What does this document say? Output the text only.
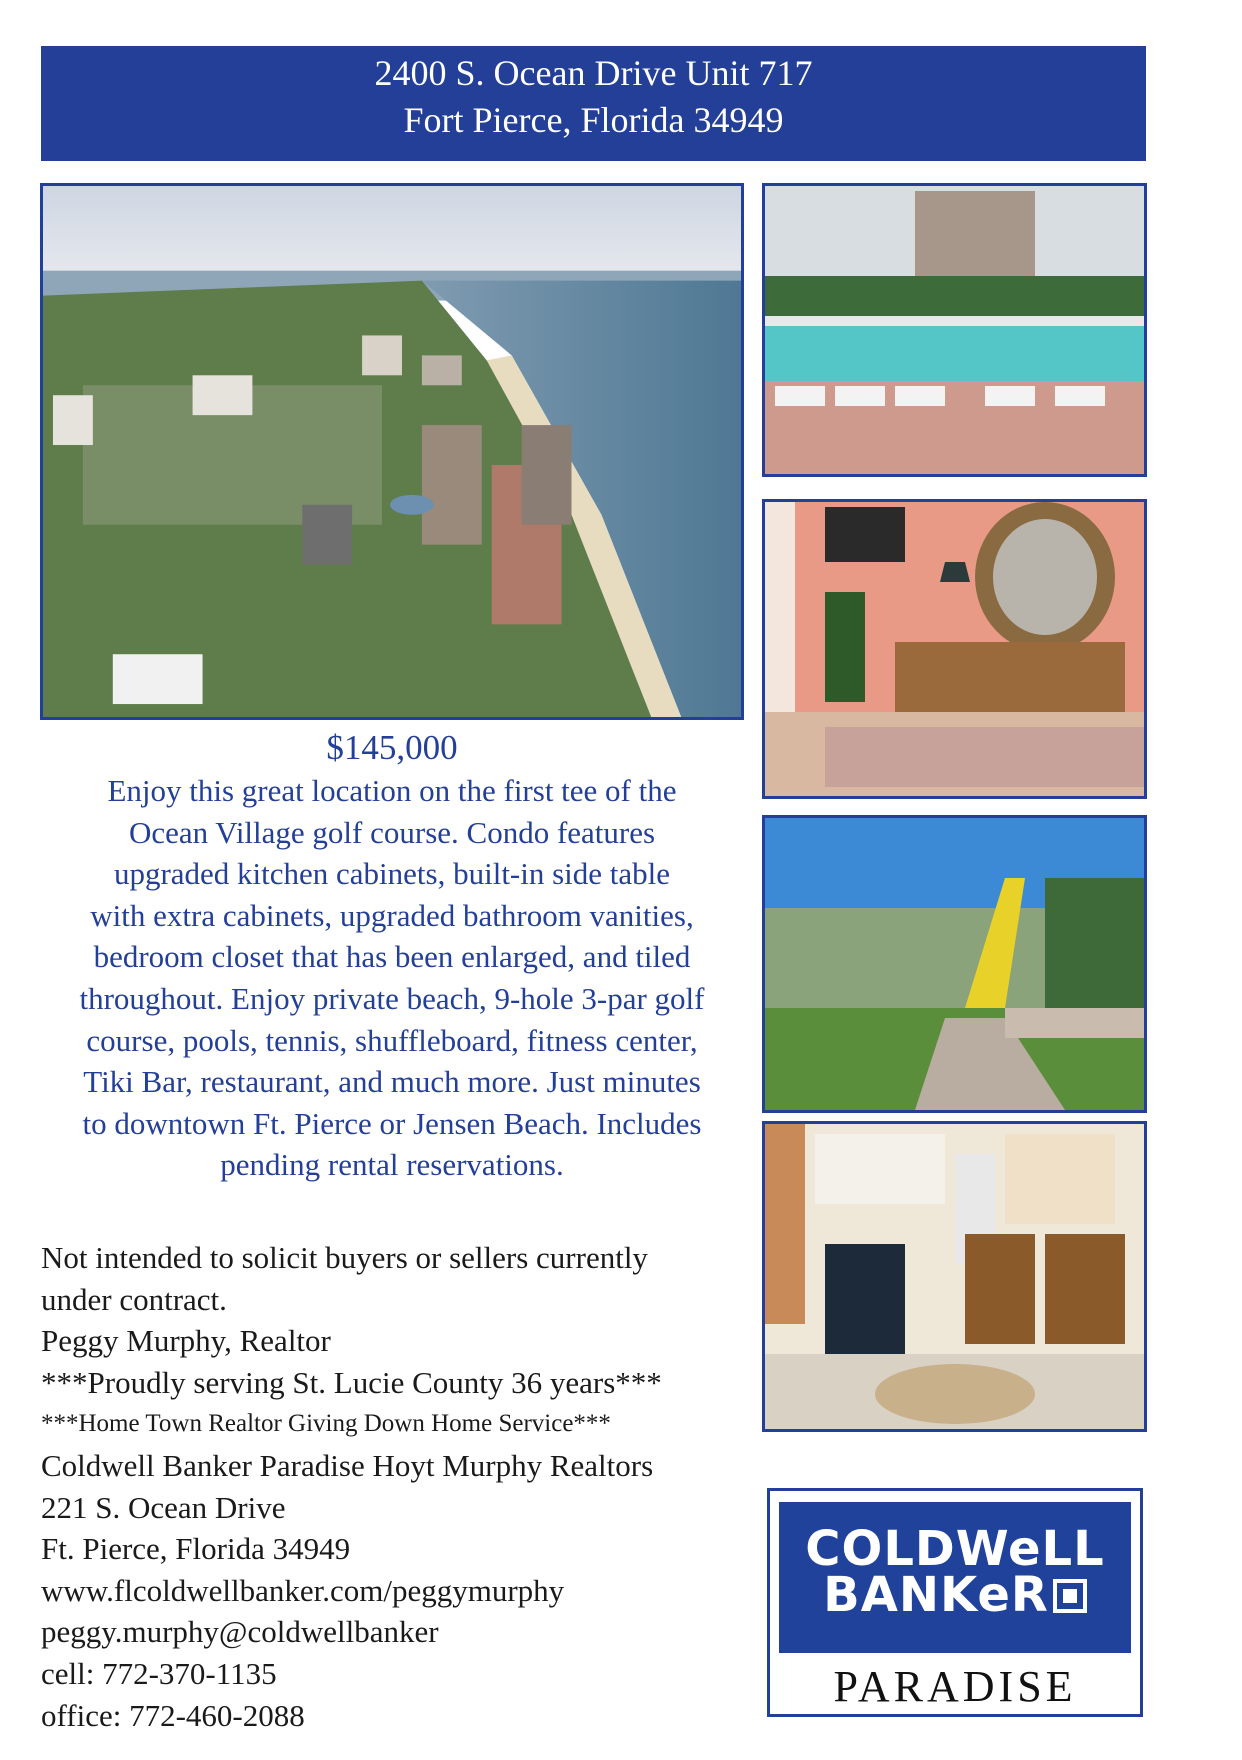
2400 S. Ocean Drive Unit 717
Fort Pierce, Florida 34949
$145,000

Enjoy this great location on the first tee of the
Ocean Village golf course. Condo features
upgraded kitchen cabinets, built-in side table
with extra cabinets, upgraded bathroom vanities,
bedroom closet that has been enlarged, and tiled
throughout. Enjoy private beach, 9-hole 3-par golf
course, pools, tennis, shuffleboard, fitness center,
Tiki Bar, restaurant, and much more. Just minutes
to downtown Ft. Pierce or Jensen Beach. Includes
pending rental reservations.

Not intended to solicit buyers or sellers currently
under contract.
Peggy Murphy, Realtor
***Proudly serving St. Lucie County 36 years***
***Home Town Realtor Giving Down Home Service***
Coldwell Banker Paradise Hoyt Murphy Realtors
221 S. Ocean Drive
Ft. Pierce, Florida 34949
www.flcoldwellbanker.com/peggymurphy
peggy.murphy@coldwellbanker
cell: 772-370-1135
office: 772-460-2088
COLDWeLL
BANKeR
PARADISE
